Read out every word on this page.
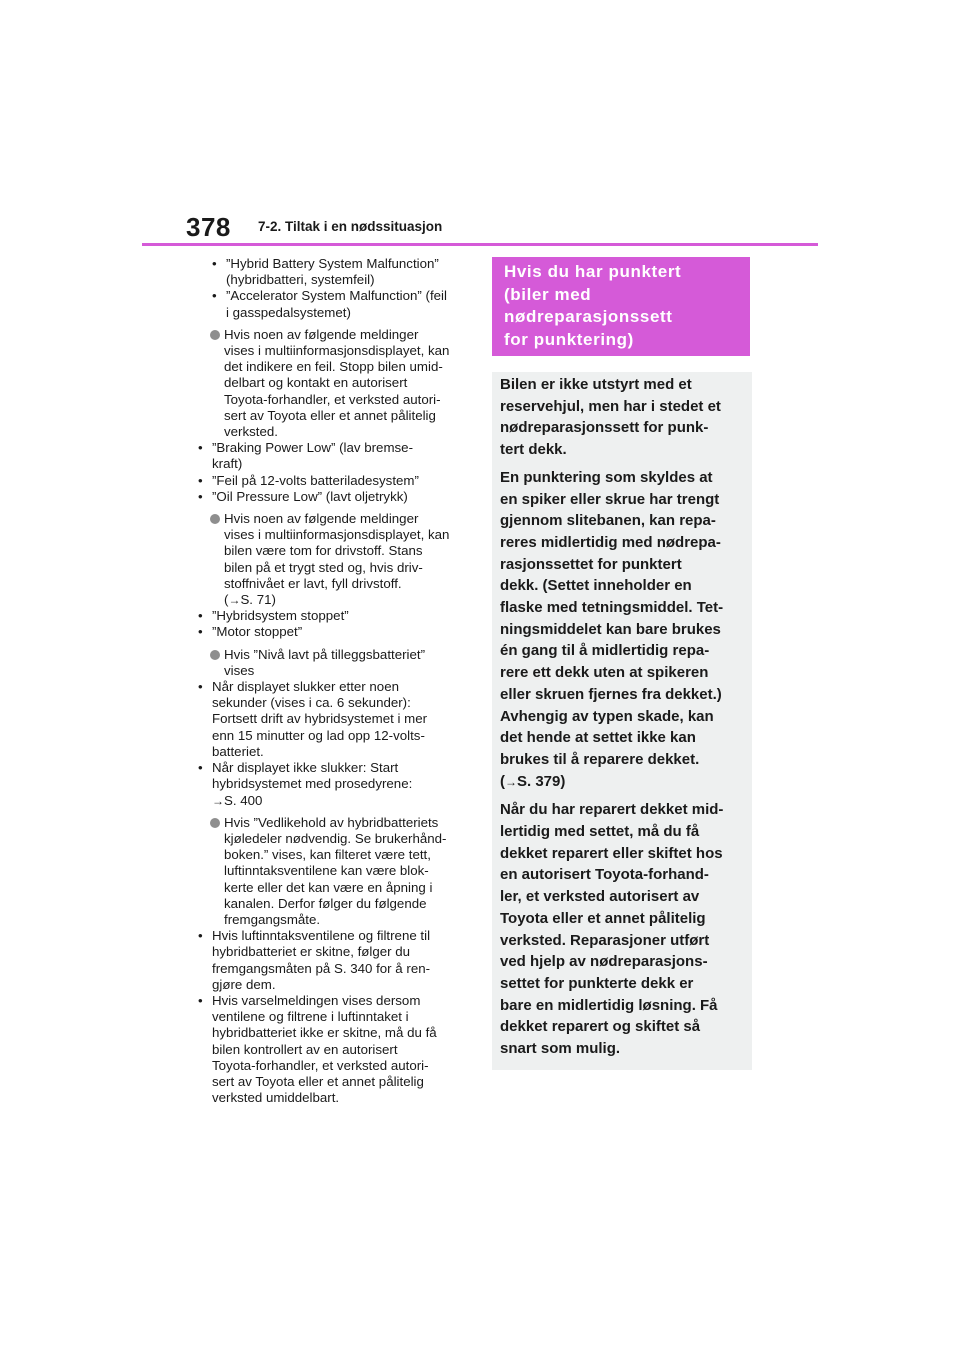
378 7-2. Tiltak i en nødssituasjon
• ”Hybrid Battery System Malfunction”
(hybridbatteri, systemfeil)
• ”Accelerator System Malfunction” (feil
i gasspedalsystemet)
Hvis noen av følgende meldinger
vises i multiinformasjonsdisplayet, kan
det indikere en feil. Stopp bilen umid-
delbart og kontakt en autorisert
Toyota-forhandler, et verksted autori-
sert av Toyota eller et annet pålitelig
verksted.
• ”Braking Power Low” (lav bremse-
kraft)
• ”Feil på 12-volts batteriladesystem”
• ”Oil Pressure Low” (lavt oljetrykk)
Hvis noen av følgende meldinger
vises i multiinformasjonsdisplayet, kan
bilen være tom for drivstoff. Stans
bilen på et trygt sted og, hvis driv-
stoffnivået er lavt, fyll drivstoff.
(→S. 71)
• ”Hybridsystem stoppet”
• ”Motor stoppet”
Hvis ”Nivå lavt på tilleggsbatteriet”
vises
• Når displayet slukker etter noen
sekunder (vises i ca. 6 sekunder):
Fortsett drift av hybridsystemet i mer
enn 15 minutter og lad opp 12-volts-
batteriet.
• Når displayet ikke slukker: Start
hybridsystemet med prosedyrene:
→S. 400
Hvis ”Vedlikehold av hybridbatteriets
kjøledeler nødvendig. Se brukerhånd-
boken.” vises, kan filteret være tett,
luftinntaksventilene kan være blok-
kerte eller det kan være en åpning i
kanalen. Derfor følger du følgende
fremgangsmåte.
• Hvis luftinntaksventilene og filtrene til
hybridbatteriet er skitne, følger du
fremgangsmåten på S. 340 for å ren-
gjøre dem.
• Hvis varselmeldingen vises dersom
ventilene og filtrene i luftinntaket i
hybridbatteriet ikke er skitne, må du få
bilen kontrollert av en autorisert
Toyota-forhandler, et verksted autori-
sert av Toyota eller et annet pålitelig
verksted umiddelbart.
Hvis du har punktert
(biler med
nødreparasjonssett
for punktering)

Bilen er ikke utstyrt med et
reservehjul, men har i stedet et
nødreparasjonssett for punk-
tert dekk.

En punktering som skyldes at
en spiker eller skrue har trengt
gjennom slitebanen, kan repa-
reres midlertidig med nødrepa-
rasjonssettet for punktert
dekk. (Settet inneholder en
flaske med tetningsmiddel. Tet-
ningsmiddelet kan bare brukes
én gang til å midlertidig repa-
rere ett dekk uten at spikeren
eller skruen fjernes fra dekket.)
Avhengig av typen skade, kan
det hende at settet ikke kan
brukes til å reparere dekket.
(→S. 379)

Når du har reparert dekket mid-
lertidig med settet, må du få
dekket reparert eller skiftet hos
en autorisert Toyota-forhand-
ler, et verksted autorisert av
Toyota eller et annet pålitelig
verksted. Reparasjoner utført
ved hjelp av nødreparasjons-
settet for punkterte dekk er
bare en midlertidig løsning. Få
dekket reparert og skiftet så
snart som mulig.
